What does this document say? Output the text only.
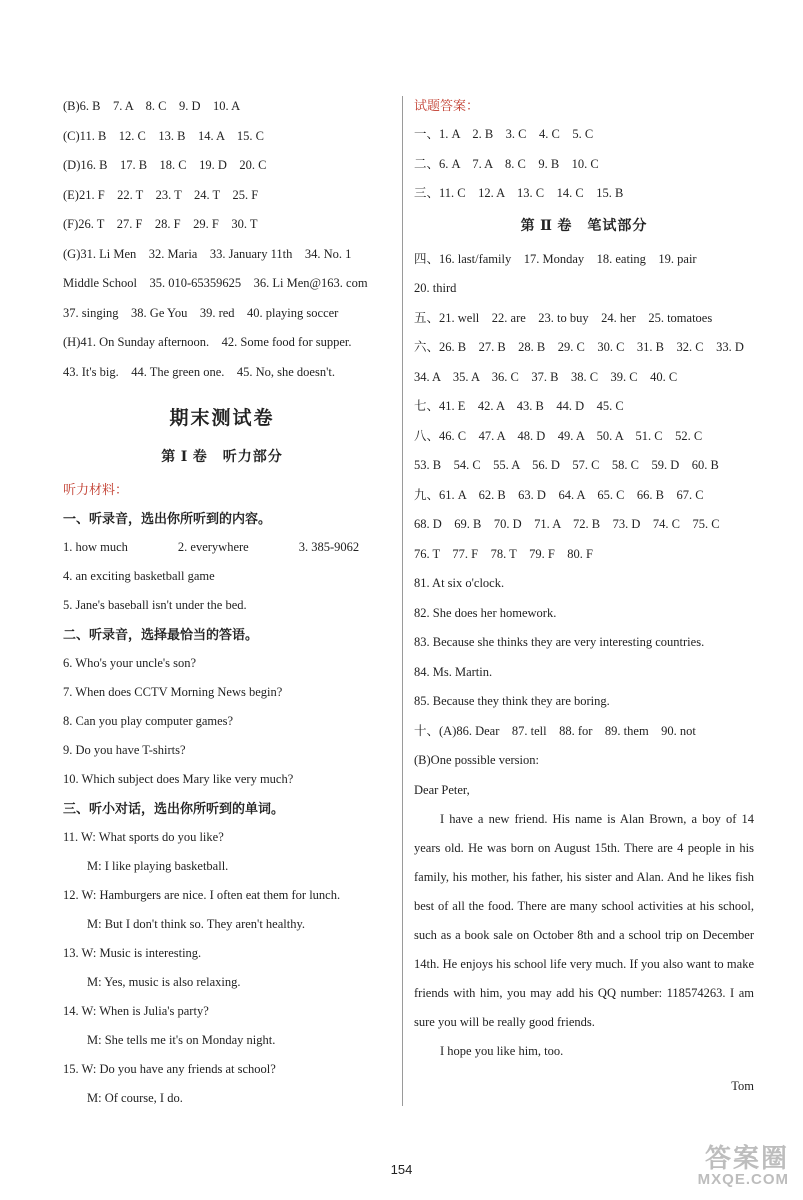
(B)6. B　7. A　8. C　9. D　10. A
(C)11. B　12. C　13. B　14. A　15. C
(D)16. B　17. B　18. C　19. D　20. C
(E)21. F　22. T　23. T　24. T　25. F
(F)26. T　27. F　28. F　29. F　30. T
(G)31. Li Men　32. Maria　33. January 11th　34. No. 1
Middle School　35. 010-65359625　36. Li Men@163. com
37. singing　38. Ge You　39. red　40. playing soccer
(H)41. On Sunday afternoon.　42. Some food for supper.
43. It's big.　44. The green one.　45. No, she doesn't.
期末测试卷
第 Ⅰ 卷　听力部分
听力材料：
一、听录音，选出你所听到的内容。
1. how much　　　　2. everywhere　　　　3. 385-9062
4. an exciting basketball game
5. Jane's baseball isn't under the bed.
二、听录音，选择最恰当的答语。
6. Who's your uncle's son?
7. When does CCTV Morning News begin?
8. Can you play computer games?
9. Do you have T-shirts?
10. Which subject does Mary like very much?
三、听小对话，选出你所听到的单词。
11. W: What sports do you like?
M: I like playing basketball.
12. W: Hamburgers are nice. I often eat them for lunch.
M: But I don't think so. They aren't healthy.
13. W: Music is interesting.
M: Yes, music is also relaxing.
14. W: When is Julia's party?
M: She tells me it's on Monday night.
15. W: Do you have any friends at school?
M: Of course, I do.
试题答案：
一、1. A　2. B　3. C　4. C　5. C
二、6. A　7. A　8. C　9. B　10. C
三、11. C　12. A　13. C　14. C　15. B
第 Ⅱ 卷　笔试部分
四、16. last/family　17. Monday　18. eating　19. pair
20. third
五、21. well　22. are　23. to buy　24. her　25. tomatoes
六、26. B　27. B　28. B　29. C　30. C　31. B　32. C　33. D
34. A　35. A　36. C　37. B　38. C　39. C　40. C
七、41. E　42. A　43. B　44. D　45. C
八、46. C　47. A　48. D　49. A　50. A　51. C　52. C
53. B　54. C　55. A　56. D　57. C　58. C　59. D　60. B
九、61. A　62. B　63. D　64. A　65. C　66. B　67. C
68. D　69. B　70. D　71. A　72. B　73. D　74. C　75. C
76. T　77. F　78. T　79. F　80. F
81. At six o'clock.
82. She does her homework.
83. Because she thinks they are very interesting countries.
84. Ms. Martin.
85. Because they think they are boring.
十、(A)86. Dear　87. tell　88. for　89. them　90. not
(B)One possible version:
Dear Peter,
I have a new friend. His name is Alan Brown, a boy of 14 years old. He was born on August 15th. There are 4 people in his family, his mother, his father, his sister and Alan. And he likes fish best of all the food. There are many school activities at his school, such as a book sale on October 8th and a school trip on December 14th. He enjoys his school life very much. If you also want to make friends with him, you may add his QQ number: 118574263. I am sure you will be really good friends.
I hope you like him, too.
Tom
154	答案圈
MXQE.COM
